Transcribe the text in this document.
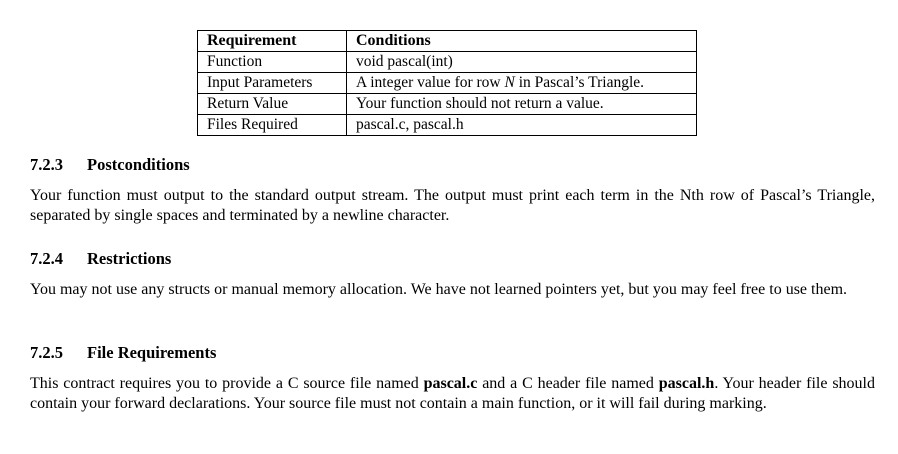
Requirement	Conditions
Function	void pascal(int)
Input Parameters	A integer value for row N in Pascal’s Triangle.
Return Value	Your function should not return a value.
Files Required	pascal.c, pascal.h
7.2.3 Postconditions

Your function must output to the standard output stream. The output must print each term in the Nth row of Pascal’s Triangle, separated by single spaces and terminated by a newline character.

7.2.4 Restrictions

You may not use any structs or manual memory allocation. We have not learned pointers yet, but you may feel free to use them.

7.2.5 File Requirements

This contract requires you to provide a C source file named pascal.c and a C header file named pascal.h. Your header file should contain your forward declarations. Your source file must not contain a main function, or it will fail during marking.
